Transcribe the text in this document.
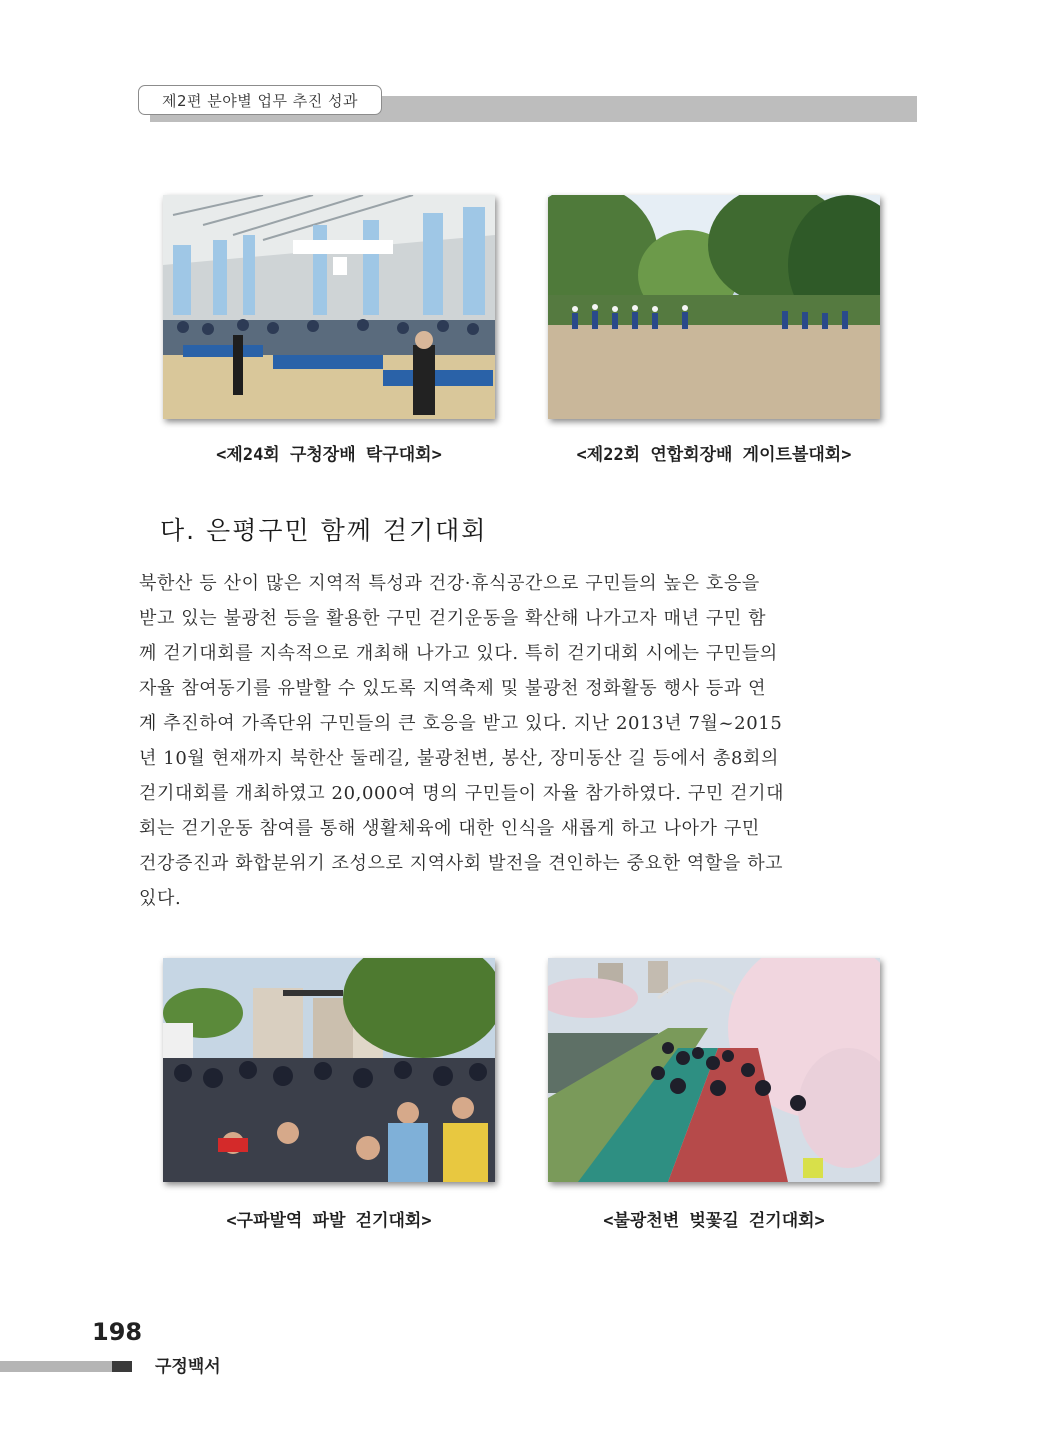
제2편 분야별 업무 추진 성과
<제24회 구청장배 탁구대회>	<제22회 연합회장배 게이트볼대회>
다. 은평구민 함께 걷기대회
북한산 등 산이 많은 지역적 특성과 건강·휴식공간으로 구민들의 높은 호응을
받고 있는 불광천 등을 활용한 구민 걷기운동을 확산해 나가고자 매년 구민 함
께 걷기대회를 지속적으로 개최해 나가고 있다. 특히 걷기대회 시에는 구민들의
자율 참여동기를 유발할 수 있도록 지역축제 및 불광천 정화활동 행사 등과 연
계 추진하여 가족단위 구민들의 큰 호응을 받고 있다. 지난 2013년 7월~2015
년 10월 현재까지 북한산 둘레길, 불광천변, 봉산, 장미동산 길 등에서 총8회의
걷기대회를 개최하였고 20,000여 명의 구민들이 자율 참가하였다. 구민 걷기대
회는 걷기운동 참여를 통해 생활체육에 대한 인식을 새롭게 하고 나아가 구민
건강증진과 화합분위기 조성으로 지역사회 발전을 견인하는 중요한 역할을 하고
있다.
<구파발역 파발 걷기대회>	<불광천변 벚꽃길 걷기대회>
198
구정백서
